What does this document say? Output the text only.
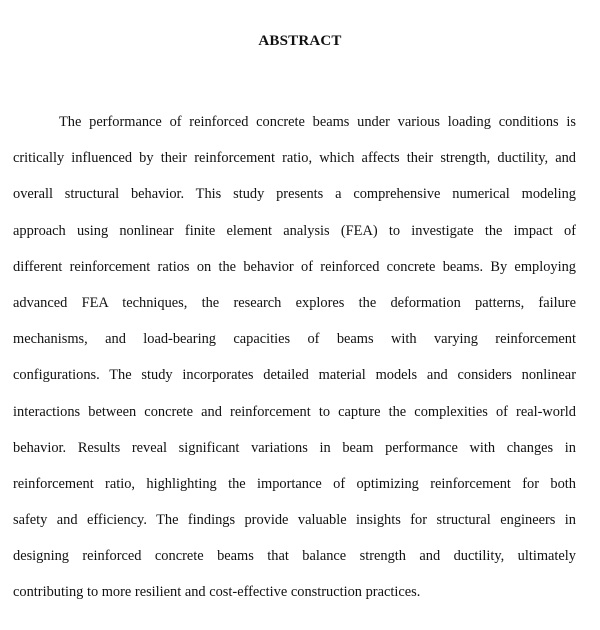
ABSTRACT
The performance of reinforced concrete beams under various loading conditions is
critically influenced by their reinforcement ratio, which affects their strength, ductility, and
overall structural behavior. This study presents a comprehensive numerical modeling
approach using nonlinear finite element analysis (FEA) to investigate the impact of
different reinforcement ratios on the behavior of reinforced concrete beams. By employing
advanced FEA techniques, the research explores the deformation patterns, failure
mechanisms, and load-bearing capacities of beams with varying reinforcement
configurations. The study incorporates detailed material models and considers nonlinear
interactions between concrete and reinforcement to capture the complexities of real-world
behavior. Results reveal significant variations in beam performance with changes in
reinforcement ratio, highlighting the importance of optimizing reinforcement for both
safety and efficiency. The findings provide valuable insights for structural engineers in
designing reinforced concrete beams that balance strength and ductility, ultimately
contributing to more resilient and cost-effective construction practices.
